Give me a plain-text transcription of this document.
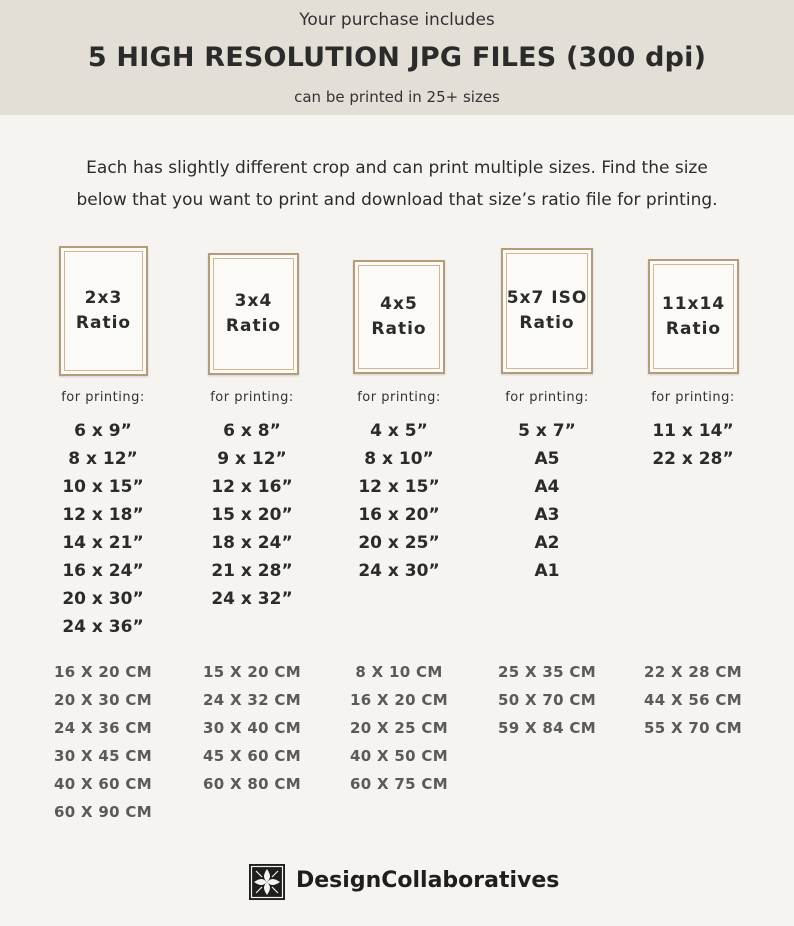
Your purchase includes
5 HIGH RESOLUTION JPG FILES (300 dpi)
can be printed in 25+ sizes
Each has slightly different crop and can print multiple sizes. Find the size
below that you want to print and download that size’s ratio file for printing.
2x3
Ratio
for printing:
6 x 9”
8 x 12”
10 x 15”
12 x 18”
14 x 21”
16 x 24”
20 x 30”
24 x 36”
16 X 20 CM
20 X 30 CM
24 X 36 CM
30 X 45 CM
40 X 60 CM
60 X 90 CM
3x4
Ratio
for printing:
6 x 8”
9 x 12”
12 x 16”
15 x 20”
18 x 24”
21 x 28”
24 x 32”
15 X 20 CM
24 X 32 CM
30 X 40 CM
45 X 60 CM
60 X 80 CM
4x5
Ratio
for printing:
4 x 5”
8 x 10”
12 x 15”
16 x 20”
20 x 25”
24 x 30”
8 X 10 CM
16 X 20 CM
20 X 25 CM
40 X 50 CM
60 X 75 CM
5x7 ISO
Ratio
for printing:
5 x 7”
A5
A4
A3
A2
A1
25 X 35 CM
50 X 70 CM
59 X 84 CM
11x14
Ratio
for printing:
11 x 14”
22 x 28”
22 X 28 CM
44 X 56 CM
55 X 70 CM
DesignCollaboratives
